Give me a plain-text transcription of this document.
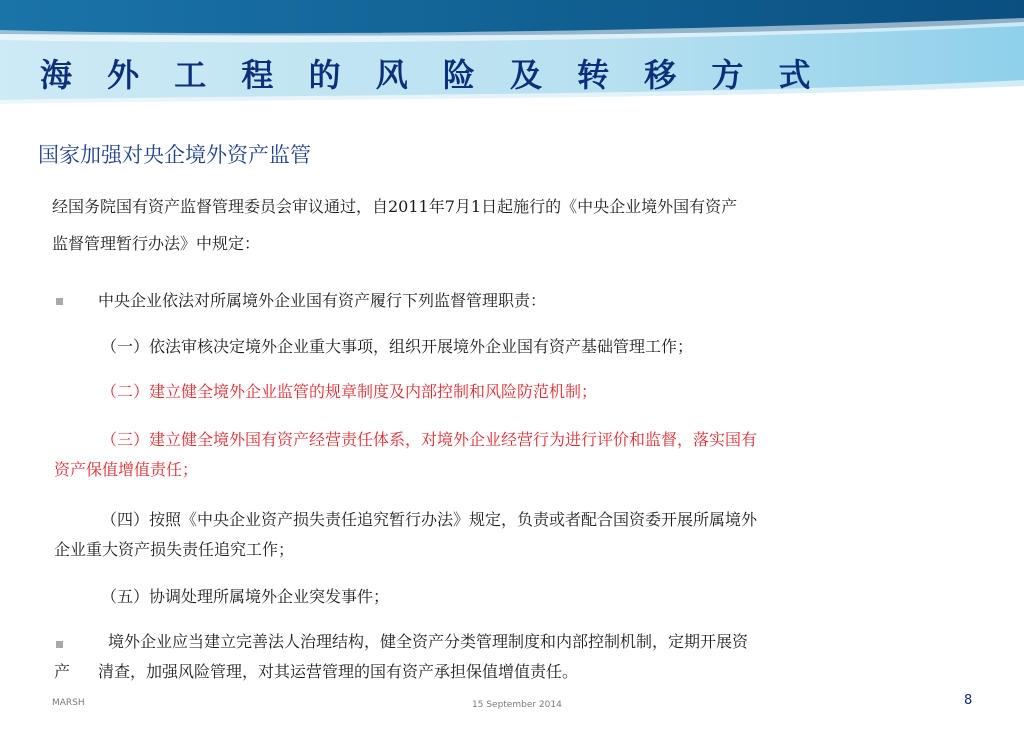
海 外 工 程 的 风 险 及 转 移 方 式
国家加强对央企境外资产监管
经国务院国有资产监督管理委员会审议通过，自2011年7月1日起施行的《中央企业境外国有资产
监督管理暂行办法》中规定：
中央企业依法对所属境外企业国有资产履行下列监督管理职责：
（一）依法审核决定境外企业重大事项，组织开展境外企业国有资产基础管理工作；
（二）建立健全境外企业监管的规章制度及内部控制和风险防范机制；
（三）建立健全境外国有资产经营责任体系，对境外企业经营行为进行评价和监督，落实国有
资产保值增值责任；
（四）按照《中央企业资产损失责任追究暂行办法》规定，负责或者配合国资委开展所属境外
企业重大资产损失责任追究工作；
（五）协调处理所属境外企业突发事件；
境外企业应当建立完善法人治理结构，健全资产分类管理制度和内部控制机制，定期开展资
产 清查，加强风险管理，对其运营管理的国有资产承担保值增值责任。
MARSH	15 September 2014	8
